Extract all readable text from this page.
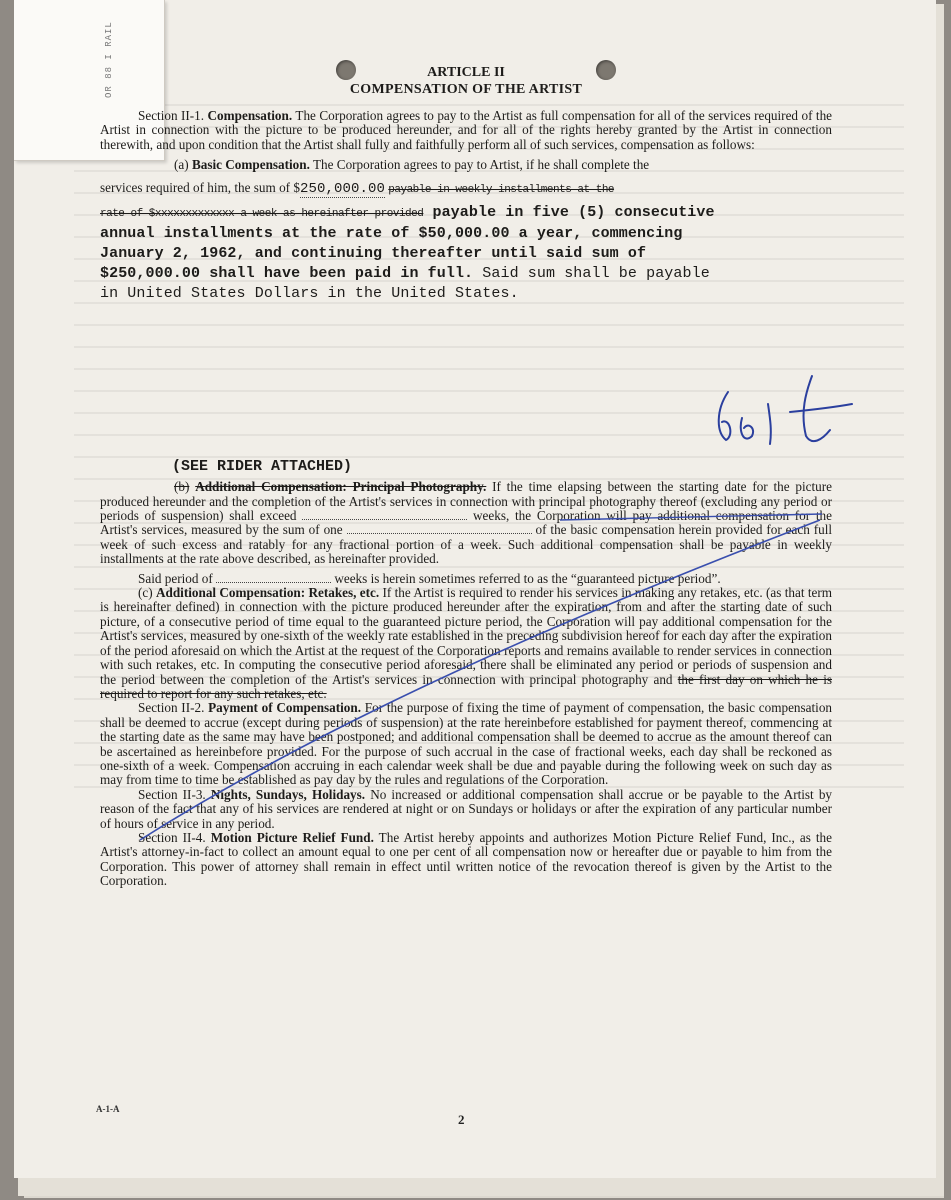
OR 88 I RAIL	ARTICLE II
COMPENSATION OF THE ARTIST

Section II-1. Compensation. The Corporation agrees to pay to the Artist as full compensation for all of the services required of the Artist in connection with the picture to be produced hereunder, and for all of the rights hereby granted by the Artist in connection therewith, and upon condition that the Artist shall fully and faithfully perform all of such services, compensation as follows:

(a) Basic Compensation. The Corporation agrees to pay to Artist, if he shall complete the

services required of him, the sum of $250,000.00 payable in weekly installments at the

rate of $xxxxxxxxxxxxx a week as hereinafter provided payable in five (5) consecutive
annual installments at the rate of $50,000.00 a year, commencing
January 2, 1962, and continuing thereafter until said sum of
$250,000.00 shall have been paid in full. Said sum shall be payable
in United States Dollars in the United States.
(SEE RIDER ATTACHED)

(b) Additional Compensation: Principal Photography. If the time elapsing between the starting date for the picture produced hereunder and the completion of the Artist's services in connection with principal photography thereof (excluding any period or periods of suspension) shall exceed	weeks, the Corporation will pay additional compensation for the Artist's services, measured by the sum of one	of the basic compensation herein provided for each full week of such excess and ratably for any fractional portion of a week. Such additional compensation shall be payable in weekly installments at the rate above described, as hereinafter provided.

Said period of	weeks is herein sometimes referred to as the “guaranteed picture period”.

(c) Additional Compensation: Retakes, etc. If the Artist is required to render his services in making any retakes, etc. (as that term is hereinafter defined) in connection with the picture produced hereunder after the expiration, from and after the starting date of such picture, of a consecutive period of time equal to the guaranteed picture period, the Corporation will pay additional compensation for the Artist's services, measured by one-sixth of the weekly rate established in the preceding subdivision hereof for each day after the expiration of the period aforesaid on which the Artist at the request of the Corporation reports and remains available to render services in connection with such retakes, etc. In computing the consecutive period aforesaid, there shall be eliminated any period or periods of suspension and the period between the completion of the Artist's services in connection with principal photography and the first day on which he is required to report for any such retakes, etc.

Section II-2. Payment of Compensation. For the purpose of fixing the time of payment of compensation, the basic compensation shall be deemed to accrue (except during periods of suspension) at the rate hereinbefore established for payment thereof, commencing at the starting date as the same may have been postponed; and additional compensation shall be deemed to accrue as the amount thereof can be ascertained as hereinbefore provided. For the purpose of such accrual in the case of fractional weeks, each day shall be reckoned as one-sixth of a week. Compensation accruing in each calendar week shall be due and payable during the following week on such day as may from time to time be established as pay day by the rules and regulations of the Corporation.

Section II-3. Nights, Sundays, Holidays. No increased or additional compensation shall accrue or be payable to the Artist by reason of the fact that any of his services are rendered at night or on Sundays or holidays or after the expiration of any particular number of hours of service in any period.

Section II-4. Motion Picture Relief Fund. The Artist hereby appoints and authorizes Motion Picture Relief Fund, Inc., as the Artist's attorney-in-fact to collect an amount equal to one per cent of all compensation now or hereafter due or payable to him from the Corporation. This power of attorney shall remain in effect until written notice of the revocation thereof is given by the Artist to the Corporation.

A-1-A
2
